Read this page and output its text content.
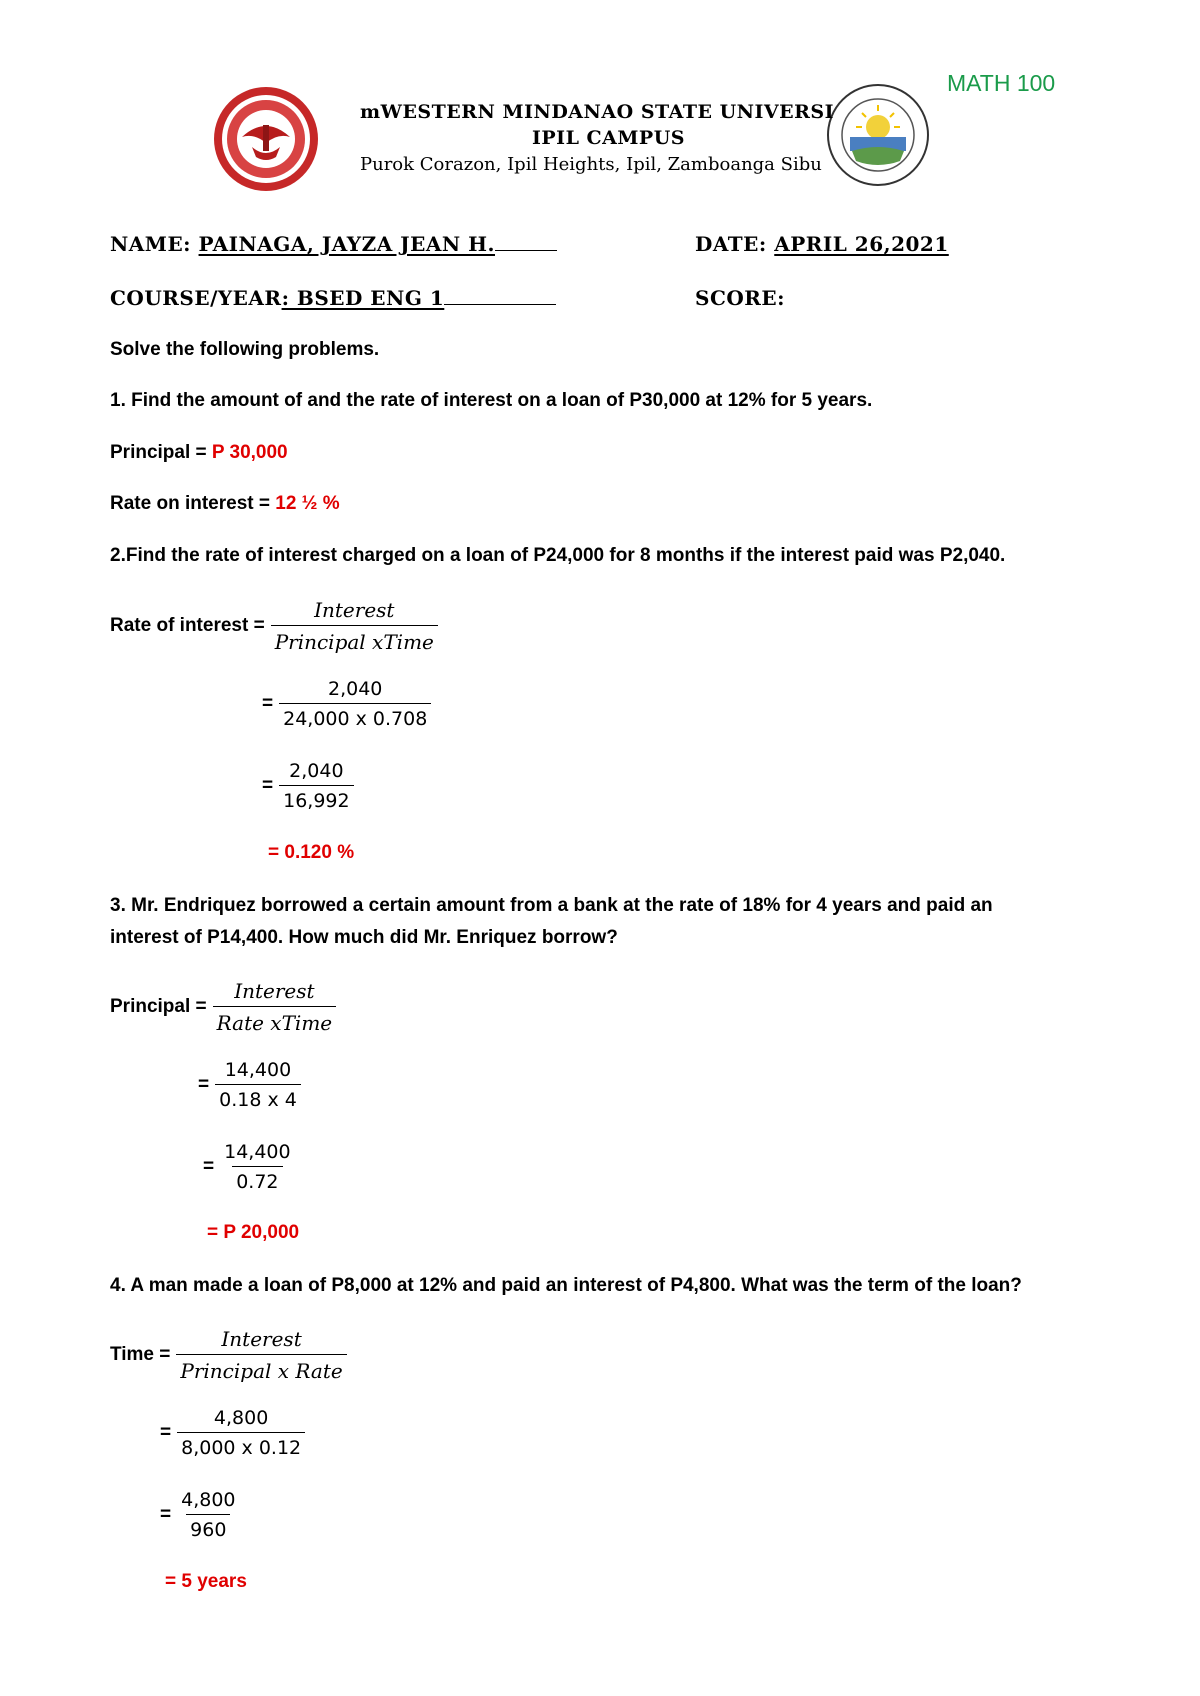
MATH 100
mWESTERN MINDANAO STATE UNIVERSI
IPIL CAMPUS
Purok Corazon, Ipil Heights, Ipil, Zamboanga Sibu
NAME: PAINAGA, JAYZA JEAN H.	DATE: APRIL 26,2021
COURSE/YEAR: BSED ENG 1	SCORE:
Solve the following problems.
1. Find the amount of and the rate of interest on a loan of P30,000 at 12% for 5 years.
Principal = P 30,000
Rate on interest = 12 ½ %
2.Find the rate of interest charged on a loan of P24,000 for 8 months if the interest paid was P2,040.
Rate of interest = $\frac{\text{Interest}}{\text{Principal xTime}}$
= $\frac{2,040}{24,000 x 0.708}$
= $\frac{2,040}{16,992}$
= 0.120 %
3. Mr. Endriquez borrowed a certain amount from a bank at the rate of 18% for 4 years and paid an
interest of P14,400. How much did Mr. Enriquez borrow?
Principal = $\frac{\text{Interest}}{\text{Rate xTime}}$
= $\frac{14,400}{0.18 x 4}$
= $\frac{14,400}{0.72}$
= P 20,000
4. A man made a loan of P8,000 at 12% and paid an interest of P4,800. What was the term of the loan?
Time = $\frac{\text{Interest}}{\text{Principal x Rate}}$
= $\frac{4,800}{8,000 x 0.12}$
= $\frac{4,800}{960}$
= 5 years
